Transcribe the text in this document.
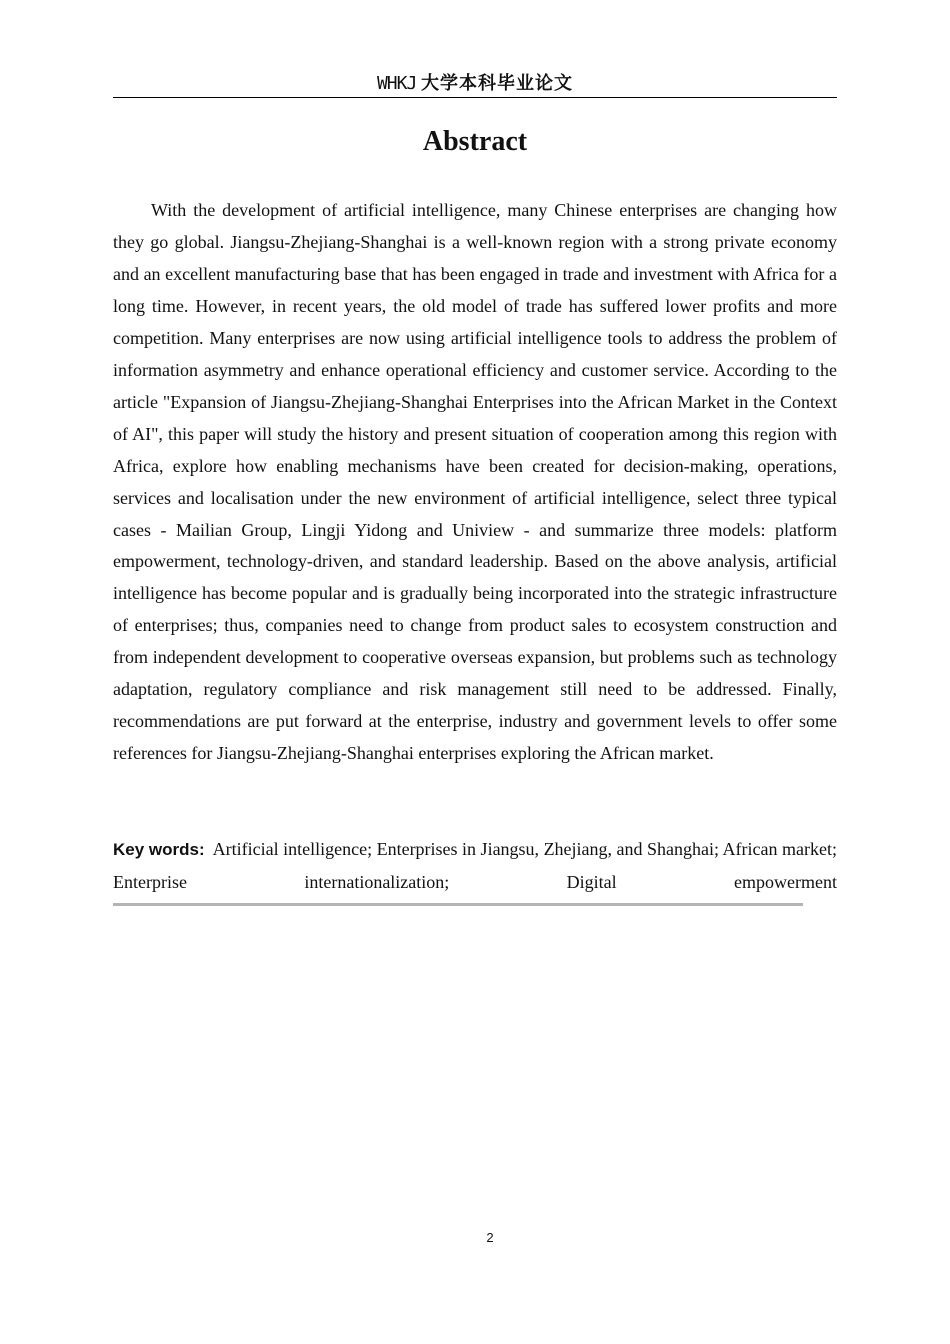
WHKJ 大学本科毕业论文
Abstract

With the development of artificial intelligence, many Chinese enterprises are changing how they go global. Jiangsu-Zhejiang-Shanghai is a well-known region with a strong private economy and an excellent manufacturing base that has been engaged in trade and investment with Africa for a long time. However, in recent years, the old model of trade has suffered lower profits and more competition. Many enterprises are now using artificial intelligence tools to address the problem of information asymmetry and enhance operational efficiency and customer service. According to the article "Expansion of Jiangsu-Zhejiang-Shanghai Enterprises into the African Market in the Context of AI", this paper will study the history and present situation of cooperation among this region with Africa, explore how enabling mechanisms have been created for decision-making, operations, services and localisation under the new environment of artificial intelligence, select three typical cases - Mailian Group, Lingji Yidong and Uniview - and summarize three models: platform empowerment, technology-driven, and standard leadership. Based on the above analysis, artificial intelligence has become popular and is gradually being incorporated into the strategic infrastructure of enterprises; thus, companies need to change from product sales to ecosystem construction and from independent development to cooperative overseas expansion, but problems such as technology adaptation, regulatory compliance and risk management still need to be addressed. Finally, recommendations are put forward at the enterprise, industry and government levels to offer some references for Jiangsu-Zhejiang-Shanghai enterprises exploring the African market.

Key words: Artificial intelligence; Enterprises in Jiangsu, Zhejiang, and Shanghai; African market; Enterprise internationalization; Digital empowerment

2
